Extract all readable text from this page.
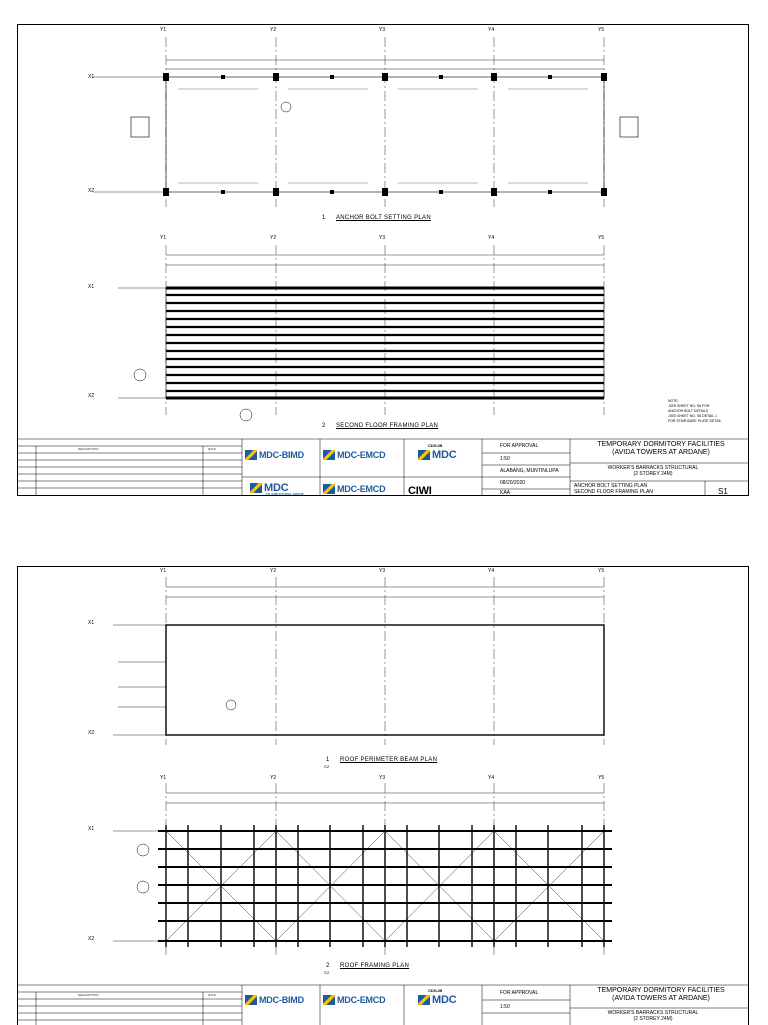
Y1	Y2	Y3	Y4	Y5
X1
X2
Y1	Y2	Y3	Y4	Y5
X1
X2
1 ANCHOR BOLT SETTING PLAN
2 SECOND FLOOR FRAMING PLAN
NOTE:
-SEE SHEET NO. S6 FOR
ANCHOR BOLT DETAILS
-SEE SHEET NO. S6 DETAIL 1
FOR STAIR BASE PLATE DETAIL
DESCRIPTION	DATE
MDC-BIMD	MDC-EMCD
CDG-IB
MDC
MDC
FIT STRUCTURAL GROUP	MDC-EMCD CIWI
FOR APPROVAL
1:50
ALABANG, MUNTINLUPA
08/20/2020
KAA
TEMPORARY DORMITORY FACILITIES
(AVIDA TOWERS AT ARDANE)
WORKER'S BARRACKS STRUCTURAL
(2 STOREY 24M)
ANCHOR BOLT SETTING PLAN
SECOND FLOOR FRAMING PLAN	S1
Y1	Y2	Y3	Y4	Y5
X1
X2
Y1	Y2	Y3	Y4	Y5
X1
X2
1
S2
ROOF PERIMETER BEAM PLAN
2
S2
ROOF FRAMING PLAN
DESCRIPTION	DATE	MDC-BIMD	MDC-EMCD
CDG-IB
MDC
FOR APPROVAL
1:50
TEMPORARY DORMITORY FACILITIES
(AVIDA TOWERS AT ARDANE)
WORKER'S BARRACKS STRUCTURAL
(2 STOREY 24M)
